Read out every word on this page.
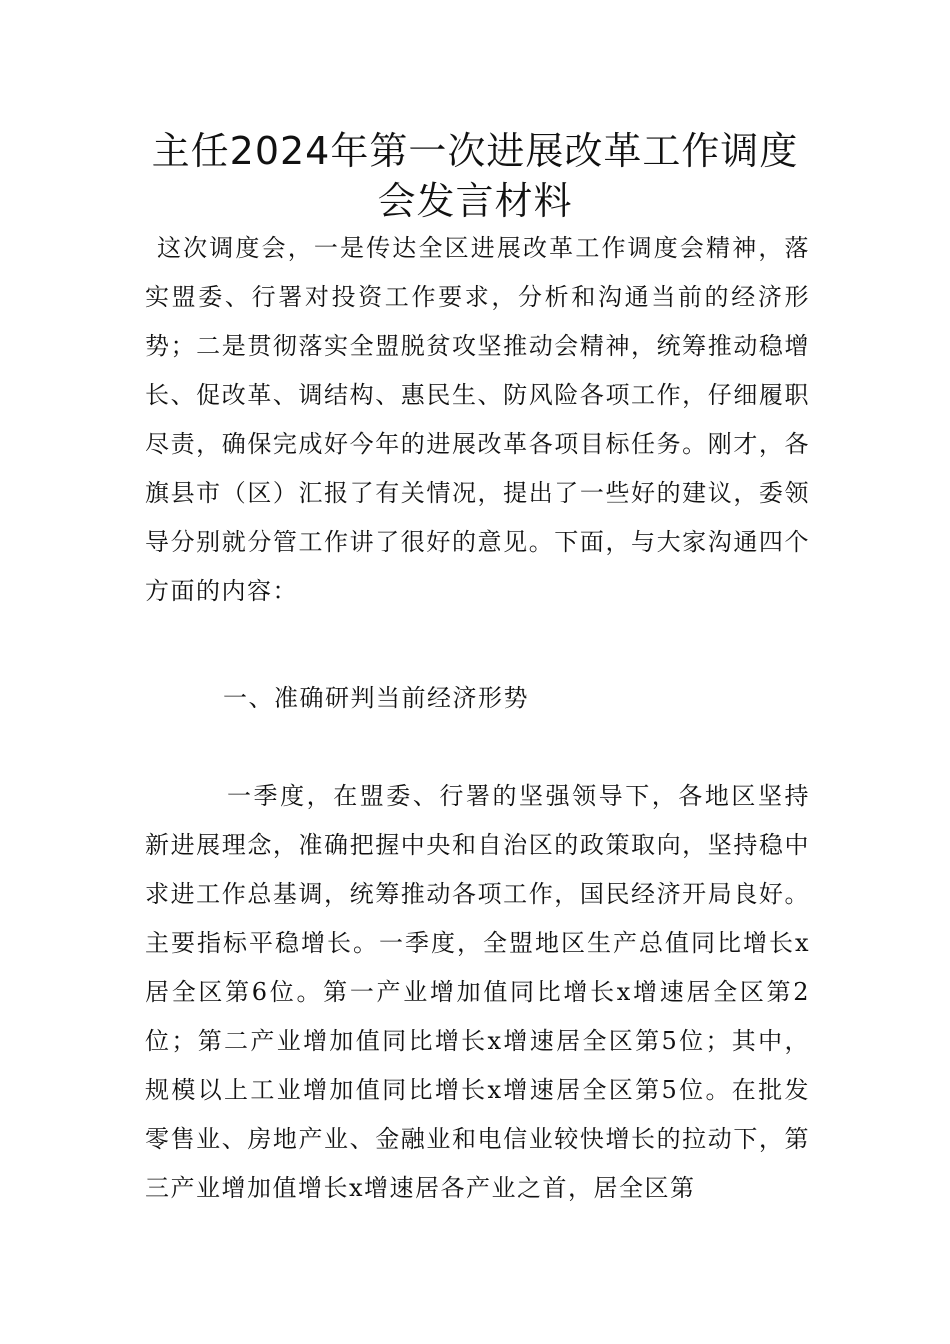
主任2024年第一次进展改革工作调度
会发言材料

这次调度会，一是传达全区进展改革工作调度会精神，落实盟委、行署对投资工作要求，分析和沟通当前的经济形势；二是贯彻落实全盟脱贫攻坚推动会精神，统筹推动稳增长、促改革、调结构、惠民生、防风险各项工作，仔细履职尽责，确保完成好今年的进展改革各项目标任务。刚才，各旗县市（区）汇报了有关情况，提出了一些好的建议，委领导分别就分管工作讲了很好的意见。下面，与大家沟通四个方面的内容：

一、准确研判当前经济形势

一季度，在盟委、行署的坚强领导下，各地区坚持新进展理念，准确把握中央和自治区的政策取向，坚持稳中求进工作总基调，统筹推动各项工作，国民经济开局良好。主要指标平稳增长。一季度，全盟地区生产总值同比增长x居全区第6位。第一产业增加值同比增长x增速居全区第2位；第二产业增加值同比增长x增速居全区第5位；其中，规模以上工业增加值同比增长x增速居全区第5位。在批发零售业、房地产业、金融业和电信业较快增长的拉动下，第三产业增加值增长x增速居各产业之首，居全区第
